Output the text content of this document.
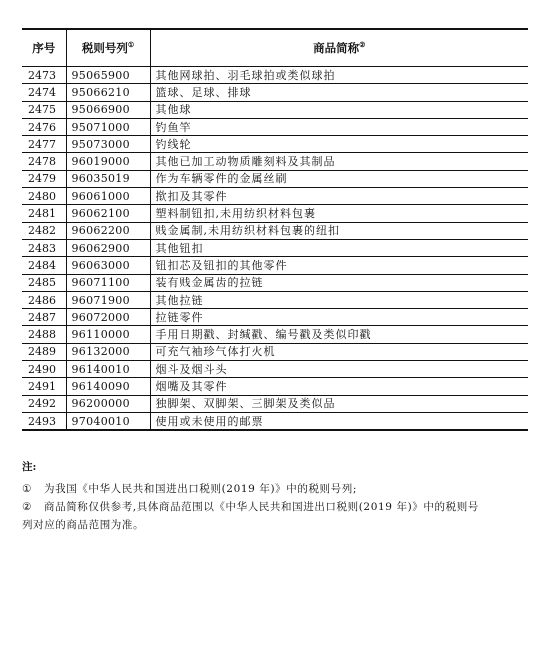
序号	税则号列①	商品简称②
2473	95065900	其他网球拍、羽毛球拍或类似球拍
2474	95066210	篮球、足球、排球
2475	95066900	其他球
2476	95071000	钓鱼竿
2477	95073000	钓线轮
2478	96019000	其他已加工动物质雕刻料及其制品
2479	96035019	作为车辆零件的金属丝刷
2480	96061000	揿扣及其零件
2481	96062100	塑料制钮扣,未用纺织材料包裹
2482	96062200	贱金属制,未用纺织材料包裹的纽扣
2483	96062900	其他钮扣
2484	96063000	钮扣芯及钮扣的其他零件
2485	96071100	装有贱金属齿的拉链
2486	96071900	其他拉链
2487	96072000	拉链零件
2488	96110000	手用日期戳、封缄戳、编号戳及类似印戳
2489	96132000	可充气袖珍气体打火机
2490	96140010	烟斗及烟斗头
2491	96140090	烟嘴及其零件
2492	96200000	独脚架、双脚架、三脚架及类似品
2493	97040010	使用或未使用的邮票
注:
①	为我国《中华人民共和国进出口税则(2019 年)》中的税则号列;
②	商品简称仅供参考,具体商品范围以《中华人民共和国进出口税则(2019 年)》中的税则号
列对应的商品范围为准。
